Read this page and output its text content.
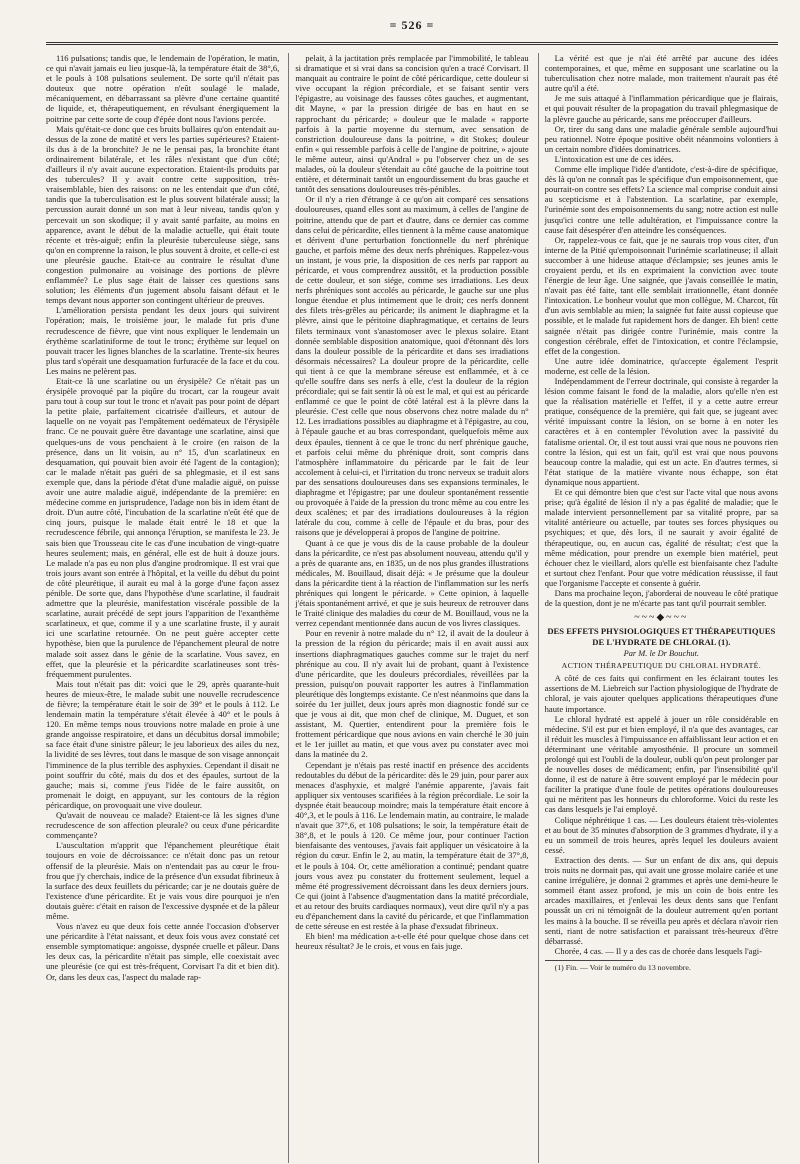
= 526 =

116 pulsations; tandis que, le lendemain de l'opération, le matin, ce qui n'avait jamais eu lieu jusque-là, la température était de 38°,6, et le pouls à 108 pulsations seulement. De sorte qu'il n'était pas douteux que notre opération n'eût soulagé le malade, mécaniquement, en débarrassant sa plèvre d'une certaine quantité de liquide, et, thérapeutiquement, en révulsant énergiquement la poitrine par cette sorte de coup d'épée dont nous l'avions percée.

Mais qu'était-ce donc que ces bruits bullaires qu'on entendait au-dessus de la zone de matité et vers les parties supérieures? Etaient-ils dus à de la bronchite? Je ne le pensai pas, la bronchite étant ordinairement bilatérale, et les râles n'existant que d'un côté; d'ailleurs il n'y avait aucune expectoration. Etaient-ils produits par des tubercules? Il y avait contre cette supposition, très-vraisemblable, bien des raisons: on ne les entendait que d'un côté, tandis que la tuberculisation est le plus souvent bilatérale aussi; la percussion aurait donné un son mat à leur niveau, tandis qu'on y percevait un son skodique; il y avait santé parfaite, au moins en apparence, avant le début de la maladie actuelle, qui était toute récente et très-aiguë; enfin la pleurésie tuberculeuse siège, sans qu'on en comprenne la raison, le plus souvent à droite, et celle-ci est une pleurésie gauche. Etait-ce au contraire le résultat d'une congestion pulmonaire au voisinage des portions de plèvre enflammée? Le plus sage était de laisser ces questions sans solution; les éléments d'un jugement absolu faisant défaut et le temps devant nous apporter son contingent ultérieur de preuves.

L'amélioration persista pendant les deux jours qui suivirent l'opération; mais, le troisième jour, le malade fut pris d'une recrudescence de fièvre, que vint nous expliquer le lendemain un érythème scarlatiniforme de tout le tronc; érythème sur lequel on pouvait tracer les lignes blanches de la scarlatine. Trente-six heures plus tard s'opérait une desquamation furfuracée de la face et du cou. Les mains ne pelèrent pas.

Etait-ce là une scarlatine ou un érysipèle? Ce n'était pas un érysipèle provoqué par la piqûre du trocart, car la rougeur avait paru tout à coup sur tout le tronc et n'avait pas pour point de départ la petite plaie, parfaitement cicatrisée d'ailleurs, et autour de laquelle on ne voyait pas l'empâtement oedémateux de l'érysipèle franc. Ce ne pouvait guère être davantage une scarlatine, ainsi que quelques-uns de vous penchaient à le croire (en raison de la présence, dans un lit voisin, au n° 15, d'un scarlatineux en desquamation, qui pouvait bien avoir été l'agent de la contagion); car le malade n'était pas guéri de sa phlegmasie, et il est sans exemple que, dans la période d'état d'une maladie aiguë, on puisse avoir une autre maladie aiguë, indépendante de la première: en médecine comme en jurisprudence, l'adage non bis in idem étant de droit. D'un autre côté, l'incubation de la scarlatine n'eût été que de cinq jours, puisque le malade était entré le 18 et que la recrudescence fébrile, qui annonça l'éruption, se manifesta le 23. Je sais bien que Trousseau cite le cas d'une incubation de vingt-quatre heures seulement; mais, en général, elle est de huit à douze jours. Le malade n'a pas eu non plus d'angine prodromique. Il est vrai que trois jours avant son entrée à l'hôpital, et la veille du début du point de côté pleurétique, il aurait eu mal à la gorge d'une façon assez pénible. De sorte que, dans l'hypothèse d'une scarlatine, il faudrait admettre que la pleurésie, manifestation viscérale possible de la scarlatine, aurait précédé de sept jours l'apparition de l'exanthème scarlatineux, et que, comme il y a une scarlatine fruste, il y aurait ici une scarlatine retournée. On ne peut guère accepter cette hypothèse, bien que la purulence de l'épanchement pleural de notre malade soit assez dans le génie de la scarlatine. Vous savez, en effet, que la pleurésie et la péricardite scarlatineuses sont très-fréquemment purulentes.

Mais tout n'était pas dit: voici que le 29, après quarante-huit heures de mieux-être, le malade subit une nouvelle recrudescence de fièvre; la température était le soir de 39° et le pouls à 112. Le lendemain matin la température s'était élevée à 40° et le pouls à 120. En même temps nous trouvions notre malade en proie à une grande angoisse respiratoire, et dans un décubitus dorsal immobile; sa face était d'une sinistre pâleur; le jeu laborieux des ailes du nez, la lividité de ses lèvres, tout dans le masque de son visage annonçait l'imminence de la plus terrible des asphyxies. Cependant il disait ne point souffrir du côté, mais du dos et des épaules, surtout de la gauche; mais si, comme j'eus l'idée de le faire aussitôt, on promenait le doigt, en appuyant, sur les contours de la région péricardique, on provoquait une vive douleur.

Qu'avait de nouveau ce malade? Etaient-ce là les signes d'une recrudescence de son affection pleurale? ou ceux d'une péricardite commençante?

L'auscultation m'apprit que l'épanchement pleurétique était toujours en voie de décroissance: ce n'était donc pas un retour offensif de la pleurésie. Mais on n'entendait pas au cœur le frou-frou que j'y cherchais, indice de la présence d'un exsudat fibrineux à la surface des deux feuillets du péricarde; car je ne doutais guère de l'existence d'une péricardite. Et je vais vous dire pourquoi je n'en doutais guère: c'était en raison de l'excessive dyspnée et de la pâleur même.

Vous n'avez eu que deux fois cette année l'occasion d'observer une péricardite à l'état naissant, et deux fois vous avez constaté cet ensemble symptomatique: angoisse, dyspnée cruelle et pâleur. Dans les deux cas, la péricardite n'était pas simple, elle coexistait avec une pleurésie (ce qui est très-fréquent, Corvisart l'a dit et bien dit). Or, dans les deux cas, l'aspect du malade rap-

pelait, à la jactitation près remplacée par l'immobilité, le tableau si dramatique et si vrai dans sa concision qu'en a tracé Corvisart. Il manquait au contraire le point de côté péricardique, cette douleur si vive occupant la région précordiale, et se faisant sentir vers l'épigastre, au voisinage des fausses côtes gauches, et augmentant, dit Mayne, « par la pression dirigée de bas en haut en se rapprochant du péricarde; » douleur que le malade « rapporte parfois à la partie moyenne du sternum, avec sensation de constriction douloureuse dans la poitrine, » dit Stokes; douleur enfin « qui ressemble parfois à celle de l'angine de poitrine, » ajoute le même auteur, ainsi qu'Andral » pu l'observer chez un de ses malades, où la douleur s'étendait au côté gauche de la poitrine tout entière, et déterminait tantôt un engourdissement du bras gauche et tantôt des sensations douloureuses très-pénibles.

Or il n'y a rien d'étrange à ce qu'on ait comparé ces sensations douloureuses, quand elles sont au maximum, à celles de l'angine de poitrine, attendu que de part et d'autre, dans ce dernier cas comme dans celui de péricardite, elles tiennent à la même cause anatomique et dérivent d'une perturbation fonctionnelle du nerf phrénique gauche, et parfois même des deux nerfs phréniques. Rappelez-vous un instant, je vous prie, la disposition de ces nerfs par rapport au péricarde, et vous comprendrez aussitôt, et la production possible de cette douleur, et son siége, comme ses irradiations. Les deux nerfs phréniques sont accolés au péricarde, le gauche sur une plus longue étendue et plus intimement que le droit; ces nerfs donnent des filets très-grêles au péricarde; ils animent le diaphragme et la plèvre, ainsi que le péritoine diaphragmatique, et certains de leurs filets terminaux vont s'anastomoser avec le plexus solaire. Etant donnée semblable disposition anatomique, quoi d'étonnant dès lors dans la douleur possible de la péricardite et dans ses irradiations désormais nécessaires? La douleur propre de la péricardite, celle qui tient à ce que la membrane séreuse est enflammée, et à ce qu'elle souffre dans ses nerfs à elle, c'est la douleur de la région précordiale; qui se fait sentir là où est le mal, et qui est au péricarde enflammé ce que le point de côté latéral est à la plèvre dans la pleurésie. C'est celle que nous observons chez notre malade du n° 12. Les irradiations possibles au diaphragme et à l'épigastre, au cou, à l'épaule gauche et au bras correspondant, quelquefois même aux deux épaules, tiennent à ce que le tronc du nerf phrénique gauche, et parfois celui même du phrénique droit, sont compris dans l'atmosphère inflammatoire du péricarde par le fait de leur accolement à celui-ci, et l'irritation du tronc nerveux se traduit alors par des sensations douloureuses dans ses expansions terminales, le diaphragme et l'épigastre; par une douleur spontanément ressentie ou provoquée à l'aide de la pression du tronc même au cou entre les deux scalènes; et par des irradiations douloureuses à la région latérale du cou, comme à celle de l'épaule et du bras, pour des raisons que je développerai à propos de l'angine de poitrine.

Quant à ce que je vous dis de la cause probable de la douleur dans la péricardite, ce n'est pas absolument nouveau, attendu qu'il y a près de quarante ans, en 1835, un de nos plus grandes illustrations médicales, M. Bouillaud, disait déjà: « Je présume que la douleur dans la péricardite tient à la réaction de l'inflammation sur les nerfs phréniques qui longent le péricarde. » Cette opinion, à laquelle j'étais spontanément arrivé, et que je suis heureux de retrouver dans le Traité clinique des maladies du cœur de M. Bouillaud, vous ne la verrez cependant mentionnée dans aucun de vos livres classiques.

Pour en revenir à notre malade du n° 12, il avait de la douleur à la pression de la région du péricarde; mais il en avait aussi aux insertions diaphragmatiques gauches comme sur le trajet du nerf phrénique au cou. Il n'y avait lui de probant, quant à l'existence d'une péricardite, que les douleurs précordiales, réveillées par la pression, puisqu'on pouvait rapporter les autres à l'inflammation pleurétique dès longtemps existante. Ce n'est néanmoins que dans la soirée du 1er juillet, deux jours après mon diagnostic fondé sur ce que je vous ai dit, que mon chef de clinique, M. Duguet, et son assistant, M. Quertier, entendirent pour la première fois le frottement péricardique que nous avions en vain cherché le 30 juin et le 1er juillet au matin, et que vous avez pu constater avec moi dans la matinée du 2.

Cependant je n'étais pas resté inactif en présence des accidents redoutables du début de la péricardite: dès le 29 juin, pour parer aux menaces d'asphyxie, et malgré l'anémie apparente, j'avais fait appliquer six ventouses scarifiées à la région précordiale. Le soir la dyspnée était beaucoup moindre; mais la température était encore à 40°,3, et le pouls à 116. Le lendemain matin, au contraire, le malade n'avait que 37°,6, et 108 pulsations; le soir, la température était de 38°,8, et le pouls à 120. Ce même jour, pour continuer l'action bienfaisante des ventouses, j'avais fait appliquer un vésicatoire à la région du cœur. Enfin le 2, au matin, la température était de 37°,8, et le pouls à 104. Or, cette amélioration a continué; pendant quatre jours vous avez pu constater du frottement seulement, lequel a même été progressivement décroissant dans les deux derniers jours. Ce qui (joint à l'absence d'augmentation dans la matité précordiale, et au retour des bruits cardiaques normaux), veut dire qu'il n'y a pas eu d'épanchement dans la cavité du péricarde, et que l'inflammation de cette séreuse en est restée à la phase d'exsudat fibrineux.

Eh bien! ma médication a-t-elle été pour quelque chose dans cet heureux résultat? Je le crois, et vous en fais juge.

La vérité est que je n'ai été arrêté par aucune des idées contemporaines, et que, même en supposant une scarlatine ou la tuberculisation chez notre malade, mon traitement n'aurait pas été autre qu'il a été.

Je me suis attaqué à l'inflammation péricardique que je flairais, et qui pouvait résulter de la propagation du travail phlegmasique de la plèvre gauche au péricarde, sans me préoccuper d'ailleurs.

Or, tirer du sang dans une maladie générale semble aujourd'hui peu rationnel. Notre époque positive obéit néanmoins volontiers à un certain nombre d'idées dominatrices.

L'intoxication est une de ces idées.

Comme elle implique l'idée d'antidote, c'est-à-dire de spécifique, dès là qu'on ne connaît pas le spécifique d'un empoisonnement, que pourrait-on contre ses effets? La science mal comprise conduit ainsi au scepticisme et à l'abstention. La scarlatine, par exemple, l'urinémie sont des empoisonnements du sang; notre action est nulle jusqu'ici contre une telle adultération, et l'impuissance contre la cause fait désespérer d'en atteindre les conséquences.

Or, rappelez-vous ce fait, que je ne saurais trop vous citer, d'un interne de la Pitié qu'empoisonnait l'urinémie scarlatineuse; il allait succomber à une hideuse attaque d'éclampsie; ses jeunes amis le croyaient perdu, et ils en exprimaient la conviction avec toute l'énergie de leur âge. Une saignée, que j'avais conseillée le matin, n'avait pas été faite, tant elle semblait irrationnelle, étant donnée l'intoxication. Le bonheur voulut que mon collègue, M. Charcot, fût d'un avis semblable au mien; la saignée fut faite aussi copieuse que possible, et le malade fut rapidement hors de danger. Eh bien! cette saignée n'était pas dirigée contre l'urinémie, mais contre la congestion cérébrale, effet de l'intoxication, et contre l'éclampsie, effet de la congestion.

Une autre idée dominatrice, qu'accepte également l'esprit moderne, est celle de la lésion.

Indépendamment de l'erreur doctrinale, qui consiste à regarder la lésion comme faisant le fond de la maladie, alors qu'elle n'en est que la réalisation matérielle et l'effet, il y a cette autre erreur pratique, conséquence de la première, qui fait que, se jugeant avec vérité impuissant contre la lésion, on se borne à en noter les caractères et à en contempler l'évolution avec la passivité du fatalisme oriental. Or, il est tout aussi vrai que nous ne pouvons rien contre la lésion, qui est un fait, qu'il est vrai que nous pouvons beaucoup contre la maladie, qui est un acte. En d'autres termes, si l'état statique de la matière vivante nous échappe, son état dynamique nous appartient.

Et ce qui démontre bien que c'est sur l'acte vital que nous avons prise; qu'à égalité de lésion il n'y a pas égalité de maladie; que le malade intervient personnellement par sa vitalité propre, par sa vitalité antérieure ou actuelle, par toutes ses forces physiques ou psychiques; et que, dès lors, il ne saurait y avoir égalité de thérapeutique, ou, en aucun cas, égalité de résultat; c'est que la même médication, pour prendre un exemple bien matériel, peut échouer chez le vieillard, alors qu'elle est bienfaisante chez l'adulte et surtout chez l'enfant. Pour que votre médication réussisse, il faut que l'organisme l'accepte et consente à guérir.

Dans ma prochaine leçon, j'aborderai de nouveau le côté pratique de la question, dont je ne m'écarte pas tant qu'il pourrait sembler.

~~~◆~~~
DES EFFETS PHYSIOLOGIQUES ET THÉRAPEUTIQUES DE L'HYDRATE DE CHLORAL (1).
Par M. le Dr Bouchut.
ACTION THÉRAPEUTIQUE DU CHLORAL HYDRATÉ.

A côté de ces faits qui confirment en les éclairant toutes les assertions de M. Liebreich sur l'action physiologique de l'hydrate de chloral, je vais ajouter quelques applications thérapeutiques d'une haute importance.

Le chloral hydraté est appelé à jouer un rôle considérable en médecine. S'il est pur et bien employé, il n'a que des avantages, car il réduit les muscles à l'impuissance en affaiblissant leur action et en déterminant une véritable amyosthénie. Il procure un sommeil prolongé qui est l'oubli de la douleur, oubli qu'on peut prolonger par de nouvelles doses de médicament; enfin, par l'insensibilité qu'il donne, il est de nature à être souvent employé par le médecin pour faciliter la pratique d'une foule de petites opérations douloureuses qui ne méritent pas les honneurs du chloroforme. Voici du reste les cas dans lesquels je l'ai employé.

Colique néphrétique 1 cas. — Les douleurs étaient très-violentes et au bout de 35 minutes d'absorption de 3 grammes d'hydrate, il y a eu un sommeil de trois heures, après lequel les douleurs avaient cessé.

Extraction des dents. — Sur un enfant de dix ans, qui depuis trois nuits ne dormait pas, qui avait une grosse molaire cariée et une canine irrégulière, je donnai 2 grammes et après une demi-heure le sommeil étant assez profond, je mis un coin de bois entre les arcades maxillaires, et j'enlevai les deux dents sans que l'enfant poussât un cri ni témoignât de la douleur autrement qu'en portant les mains à la bouche. Il se réveilla peu après et déclara n'avoir rien senti, riant de notre satisfaction et paraissant très-heureux d'être débarrassé.

Chorée, 4 cas. — Il y a des cas de chorée dans lesquels l'agi-

(1) Fin. — Voir le numéro du 13 novembre.
